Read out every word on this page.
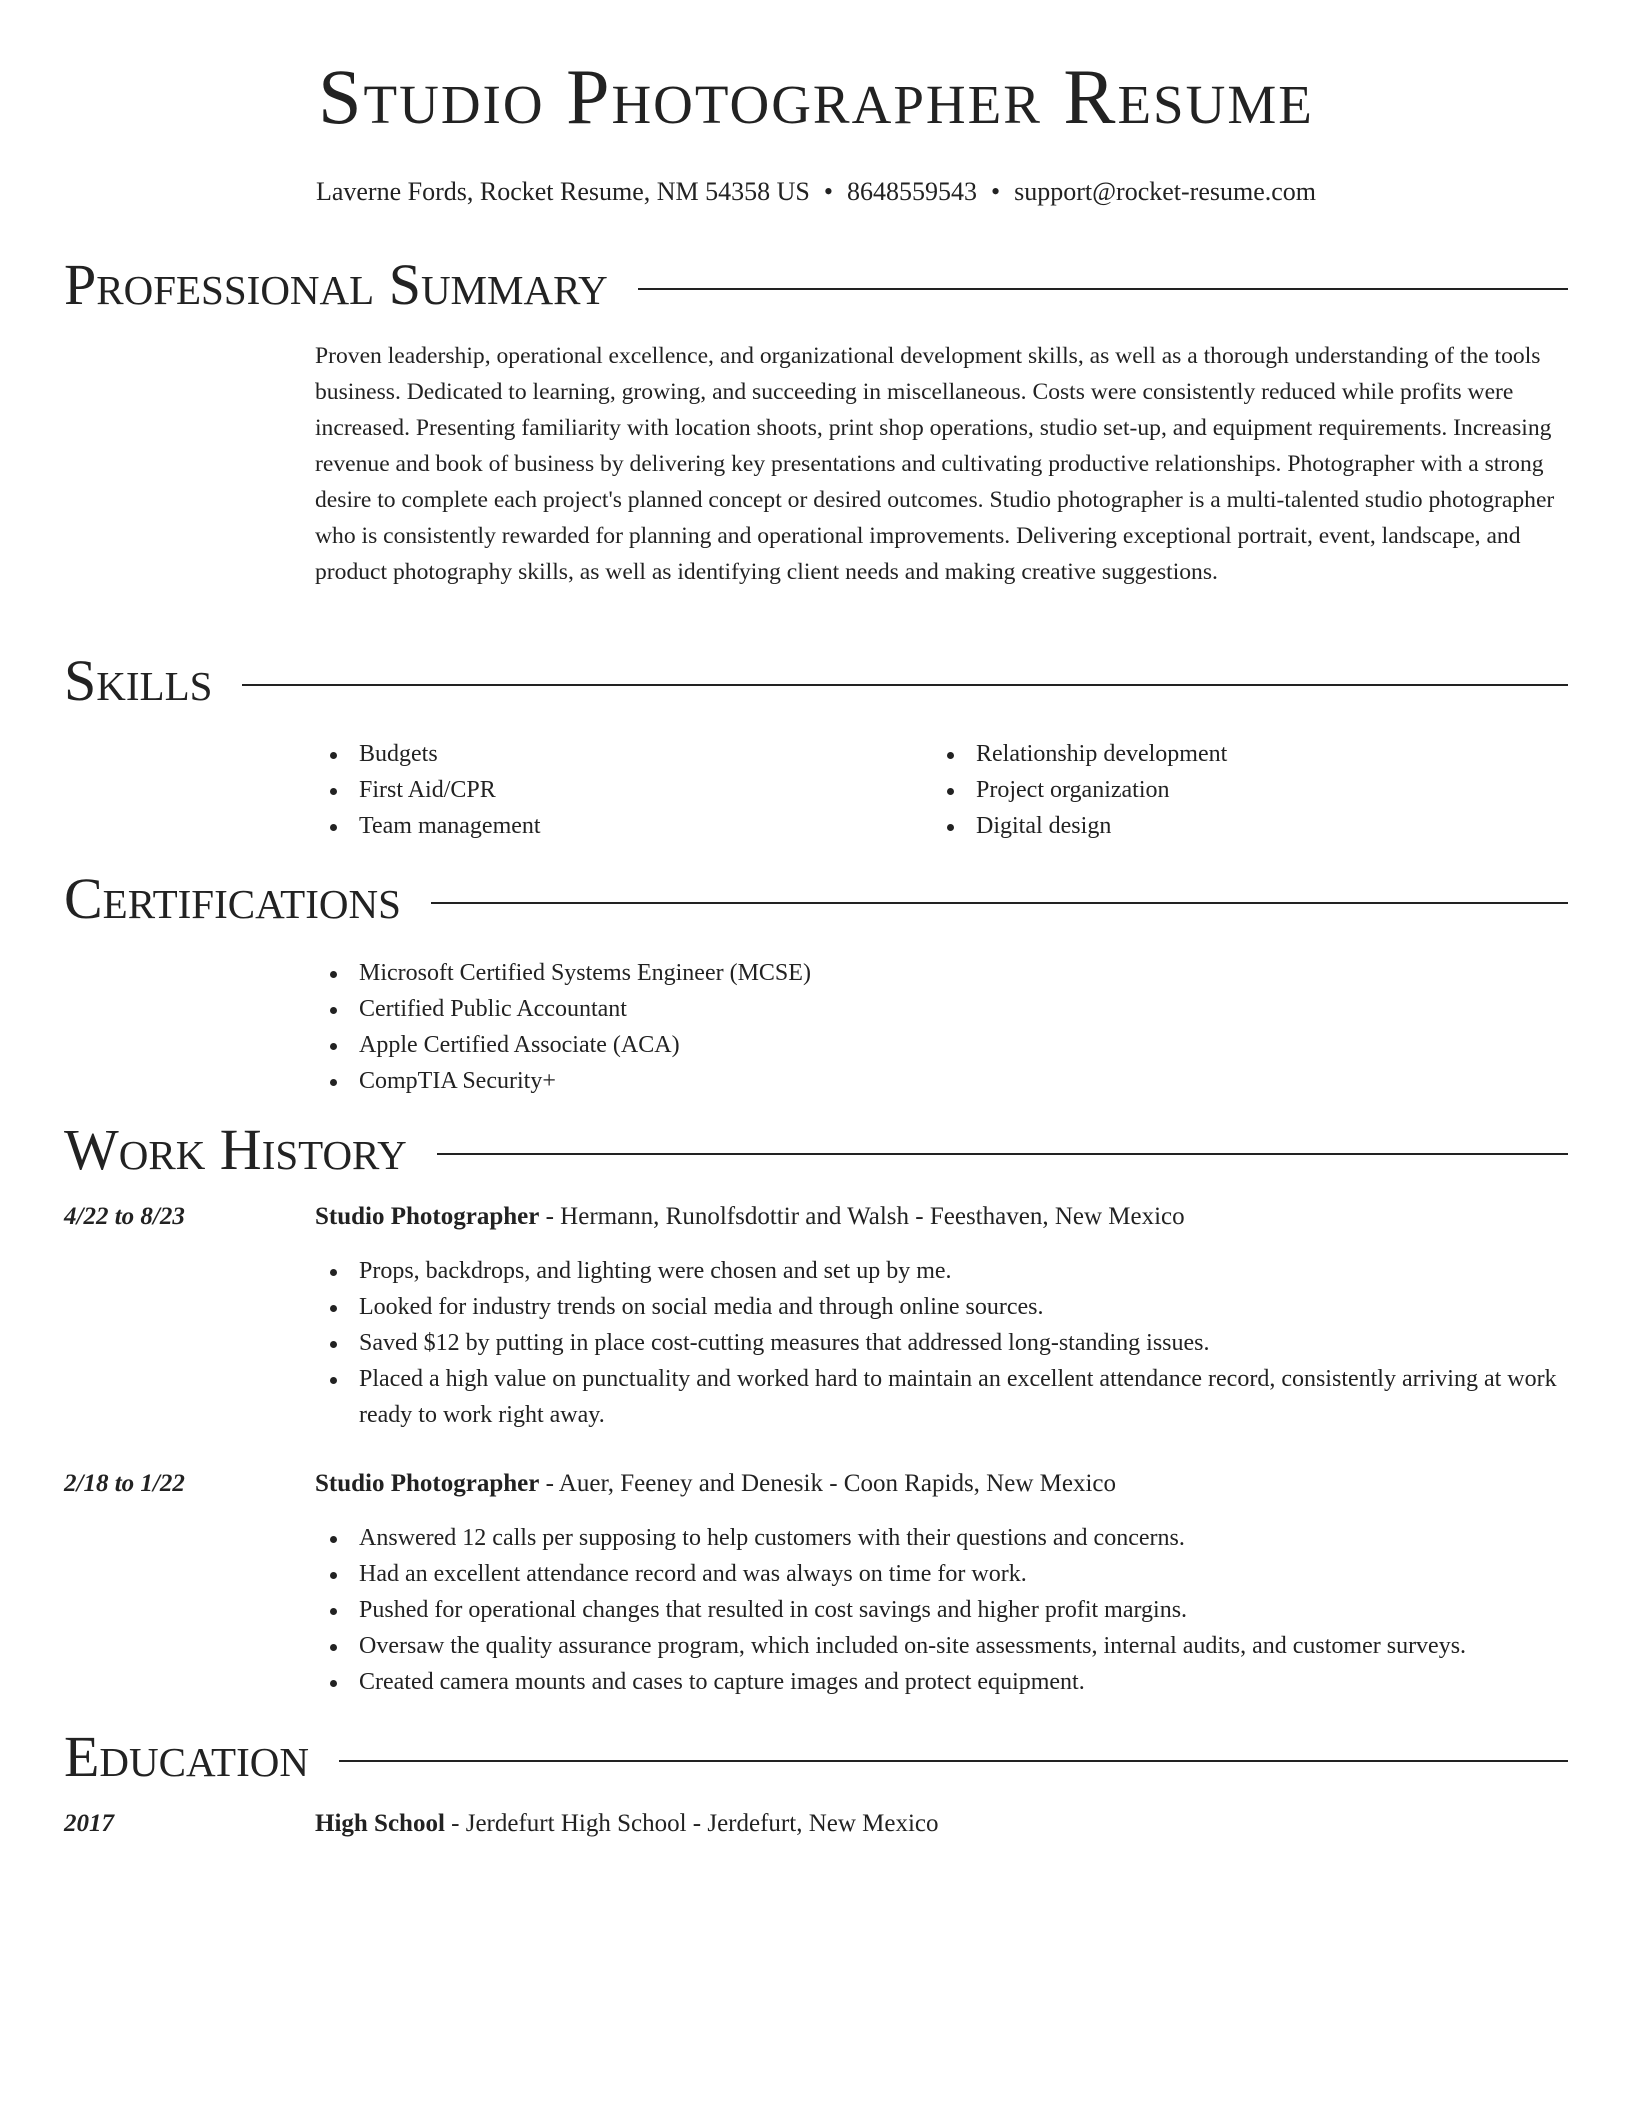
Studio Photographer Resume
Laverne Fords, Rocket Resume, NM 54358 US • 8648559543 • support@rocket-resume.com
Professional Summary

Proven leadership, operational excellence, and organizational development skills, as well as a thorough understanding of the tools business. Dedicated to learning, growing, and succeeding in miscellaneous. Costs were consistently reduced while profits were increased. Presenting familiarity with location shoots, print shop operations, studio set-up, and equipment requirements. Increasing revenue and book of business by delivering key presentations and cultivating productive relationships. Photographer with a strong desire to complete each project's planned concept or desired outcomes. Studio photographer is a multi-talented studio photographer who is consistently rewarded for planning and operational improvements. Delivering exceptional portrait, event, landscape, and product photography skills, as well as identifying client needs and making creative suggestions.

Skills
Budgets
First Aid/CPR
Team management
Relationship development
Project organization
Digital design
Certifications
Microsoft Certified Systems Engineer (MCSE)
Certified Public Accountant
Apple Certified Associate (ACA)
CompTIA Security+
Work History
4/22 to 8/23	Studio Photographer - Hermann, Runolfsdottir and Walsh - Feesthaven, New Mexico
Props, backdrops, and lighting were chosen and set up by me.
Looked for industry trends on social media and through online sources.
Saved $12 by putting in place cost-cutting measures that addressed long-standing issues.
Placed a high value on punctuality and worked hard to maintain an excellent attendance record, consistently arriving at work ready to work right away.
2/18 to 1/22	Studio Photographer - Auer, Feeney and Denesik - Coon Rapids, New Mexico
Answered 12 calls per supposing to help customers with their questions and concerns.
Had an excellent attendance record and was always on time for work.
Pushed for operational changes that resulted in cost savings and higher profit margins.
Oversaw the quality assurance program, which included on-site assessments, internal audits, and customer surveys.
Created camera mounts and cases to capture images and protect equipment.
Education
2017	High School - Jerdefurt High School - Jerdefurt, New Mexico
